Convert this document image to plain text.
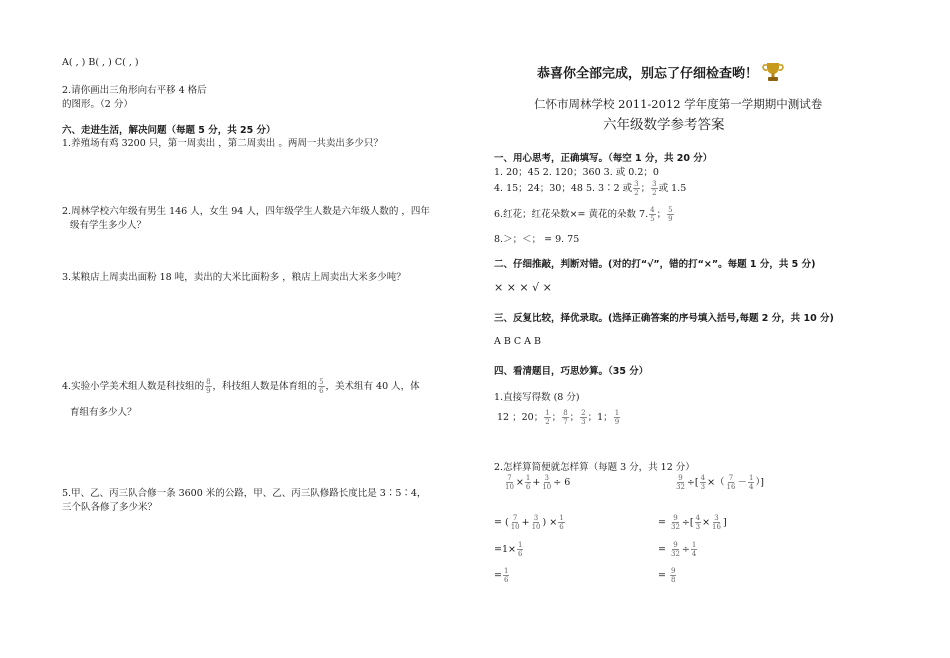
A( , ) B( , ) C( , )
2.请你画出三角形向右平移 4 格后
的图形。（2 分）
六、走进生活，解决问题（每题 5 分，共 25 分）
1.养殖场有鸡 3200 只，第一周卖出 ，第二周卖出 。两周一共卖出多少只？
2.周林学校六年级有男生 146 人，女生 94 人，四年级学生人数是六年级人数的 ，四年
级有学生多少人？
3.某粮店上周卖出面粉 18 吨，卖出的大米比面粉多 ，粮店上周卖出大米多少吨？
4.实验小学美术组人数是科技组的 $\frac{8}{9}$ ，科技组人数是体育组的 $\frac{5}{6}$ ，美术组有 40 人，体
育组有多少人？
5.甲、乙、丙三队合修一条 3600 米的公路，甲、乙、丙三队修路长度比是 3∶5∶4，
三个队各修了多少米？
恭喜你全部完成，别忘了仔细检查哟！
仁怀市周林学校 2011-2012 学年度第一学期期中测试卷
六年级数学参考答案
一、用心思考，正确填写。（每空 1 分，共 20 分）
1. 20；45 2. 120；360 3. 或 0.2；0
4. 15；24；30；48 5. 3∶2 或 $\frac{3}{2}$ ； $\frac{3}{2}$ 或 1.5
6.红花；红花朵数×= 黄花的朵数 7. $\frac{4}{5}$ ； $\frac{5}{9}$
8.＞；＜； = 9. 75
二、仔细推敲，判断对错。(对的打“√”，错的打“×”。每题 1 分，共 5 分)
× × × √ ×
三、反复比较，择优录取。(选择正确答案的序号填入括号,每题 2 分，共 10 分)
A B C A B
四、看清题目，巧思妙算。（35 分）
1.直接写得数 (8 分)
12 ；20； $\frac{1}{2}$ ； $\frac{8}{7}$ ； $\frac{2}{3}$ ；1； $\frac{1}{9}$
2.怎样算简便就怎样算（每题 3 分，共 12 分）
$\frac{7}{10} \times \frac{1}{6} + \frac{3}{10} \div 6$
= ( $\frac{7}{10} + \frac{3}{10}$ ) × $\frac{1}{6}$
$=1\times \frac{1}{6}$
= $\frac{1}{6}$
$\frac{9}{32}$ ÷[ $\frac{4}{3}$ ×（ $\frac{7}{16} - \frac{1}{4}$ ）]
= $\frac{9}{32}$ ÷[ $\frac{4}{3} \times \frac{3}{16}$ ]
= $\frac{9}{32} \div \frac{1}{4}$
= $\frac{9}{8}$
